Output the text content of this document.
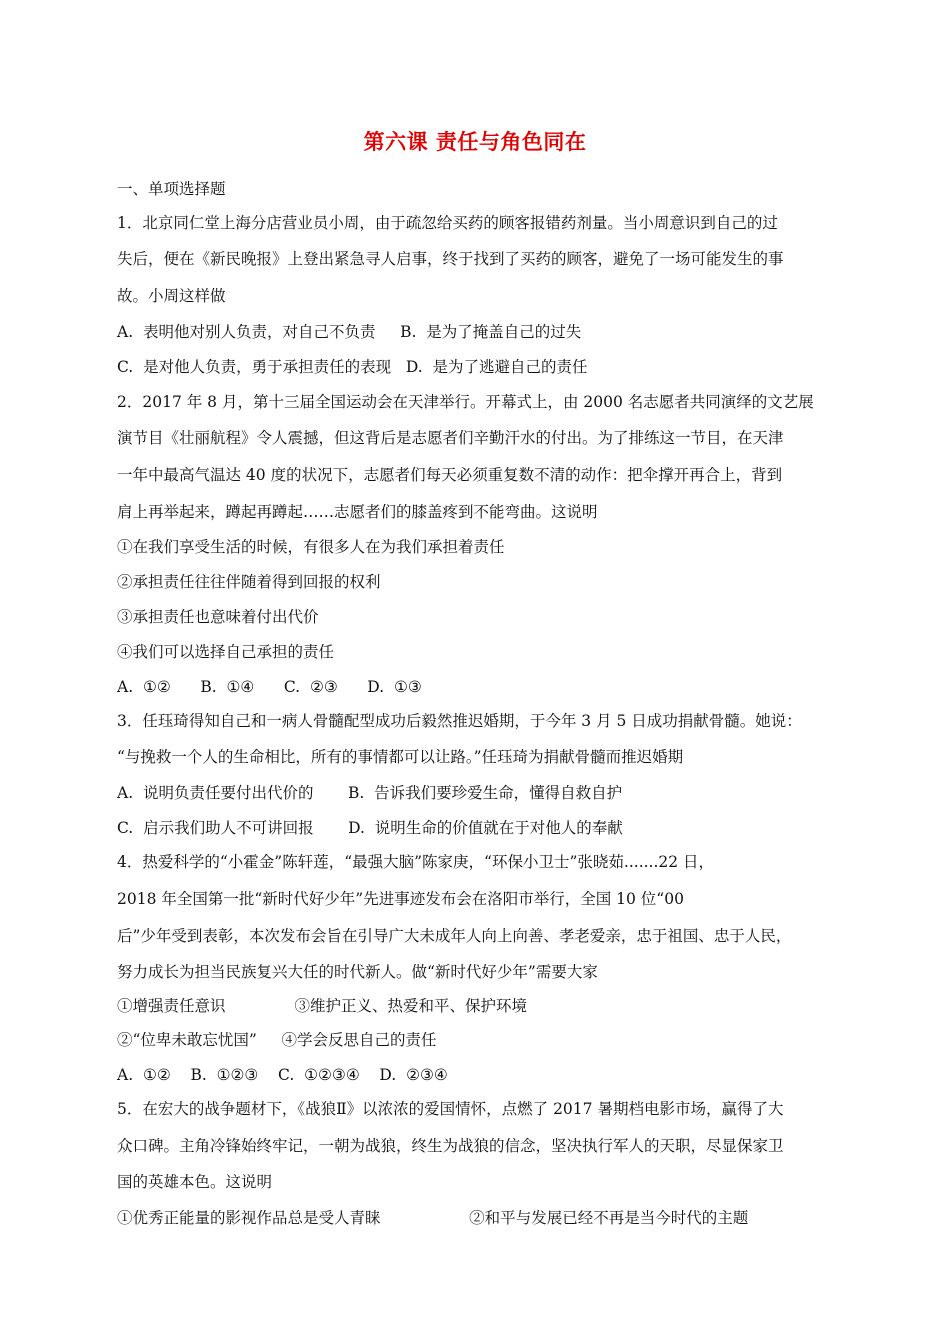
第六课 责任与角色同在
一、单项选择题
1．北京同仁堂上海分店营业员小周，由于疏忽给买药的顾客报错药剂量。当小周意识到自己的过
失后，便在《新民晚报》上登出紧急寻人启事，终于找到了买药的顾客，避免了一场可能发生的事
故。小周这样做
A.  表明他对别人负责，对自己不负责     B.  是为了掩盖自己的过失
C.  是对他人负责，勇于承担责任的表现   D.  是为了逃避自己的责任
2．2017 年 8 月，第十三届全国运动会在天津举行。开幕式上，由 2000 名志愿者共同演绎的文艺展
演节目《壮丽航程》令人震撼，但这背后是志愿者们辛勤汗水的付出。为了排练这一节目，在天津
一年中最高气温达 40 度的状况下，志愿者们每天必须重复数不清的动作：把伞撑开再合上，背到
肩上再举起来，蹲起再蹲起……志愿者们的膝盖疼到不能弯曲。这说明
①在我们享受生活的时候，有很多人在为我们承担着责任
②承担责任往往伴随着得到回报的权利
③承担责任也意味着付出代价
④我们可以选择自己承担的责任
A.  ①②      B.  ①④      C.  ②③      D.  ①③
3．任珏琦得知自己和一病人骨髓配型成功后毅然推迟婚期，于今年 3 月 5 日成功捐献骨髓。她说：
“与挽救一个人的生命相比，所有的事情都可以让路。”任珏琦为捐献骨髓而推迟婚期
A.  说明负责任要付出代价的       B.  告诉我们要珍爱生命，懂得自救自护
C.  启示我们助人不可讲回报       D.  说明生命的价值就在于对他人的奉献
4．热爱科学的“小霍金”陈轩莲，“最强大脑”陈家庚，“环保小卫士”张晓茹.......22 日，
2018 年全国第一批“新时代好少年”先进事迹发布会在洛阳市举行，全国 10 位“00
后”少年受到表彰，本次发布会旨在引导广大未成年人向上向善、孝老爱亲，忠于祖国、忠于人民，
努力成长为担当民族复兴大任的时代新人。做“新时代好少年”需要大家
①增强责任意识              ③维护正义、热爱和平、保护环境
②“位卑未敢忘忧国”     ④学会反思自己的责任
A.  ①②    B.  ①②③    C.  ①②③④    D.  ②③④
5．在宏大的战争题材下，《战狼Ⅱ》以浓浓的爱国情怀，点燃了 2017 暑期档电影市场，赢得了大
众口碑。主角冷锋始终牢记，一朝为战狼，终生为战狼的信念，坚决执行军人的天职，尽显保家卫
国的英雄本色。这说明
①优秀正能量的影视作品总是受人青睐                  ②和平与发展已经不再是当今时代的主题
